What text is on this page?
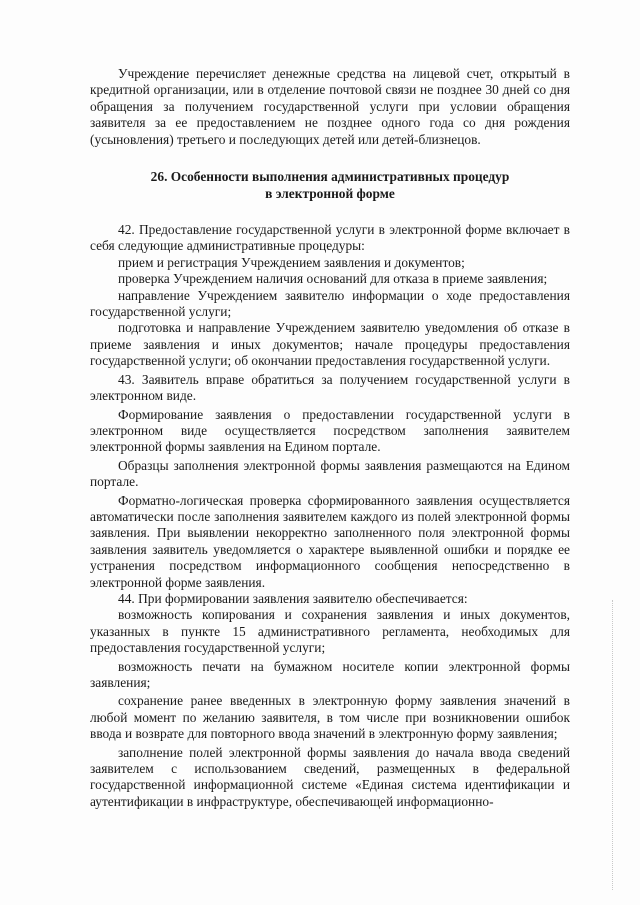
Учреждение перечисляет денежные средства на лицевой счет, открытый в кредитной организации, или в отделение почтовой связи не позднее 30 дней со дня обращения за получением государственной услуги при условии обращения заявителя за ее предоставлением не позднее одного года со дня рождения (усыновления) третьего и последующих детей или детей-близнецов.

26. Особенности выполнения административных процедур
в электронной форме

42. Предоставление государственной услуги в электронной форме включает в себя следующие административные процедуры:

прием и регистрация Учреждением заявления и документов;

проверка Учреждением наличия оснований для отказа в приеме заявления;

направление Учреждением заявителю информации о ходе предоставления государственной услуги;

подготовка и направление Учреждением заявителю уведомления об отказе в приеме заявления и иных документов; начале процедуры предоставления государственной услуги; об окончании предоставления государственной услуги.

43. Заявитель вправе обратиться за получением государственной услуги в электронном виде.

Формирование заявления о предоставлении государственной услуги в электронном виде осуществляется посредством заполнения заявителем электронной формы заявления на Едином портале.

Образцы заполнения электронной формы заявления размещаются на Едином портале.

Форматно-логическая проверка сформированного заявления осуществляется автоматически после заполнения заявителем каждого из полей электронной формы заявления. При выявлении некорректно заполненного поля электронной формы заявления заявитель уведомляется о характере выявленной ошибки и порядке ее устранения посредством информационного сообщения непосредственно в электронной форме заявления.

44. При формировании заявления заявителю обеспечивается:

возможность копирования и сохранения заявления и иных документов, указанных в пункте 15 административного регламента, необходимых для предоставления государственной услуги;

возможность печати на бумажном носителе копии электронной формы заявления;

сохранение ранее введенных в электронную форму заявления значений в любой момент по желанию заявителя, в том числе при возникновении ошибок ввода и возврате для повторного ввода значений в электронную форму заявления;

заполнение полей электронной формы заявления до начала ввода сведений заявителем с использованием сведений, размещенных в федеральной государственной информационной системе «Единая система идентификации и аутентификации в инфраструктуре, обеспечивающей информационно-
